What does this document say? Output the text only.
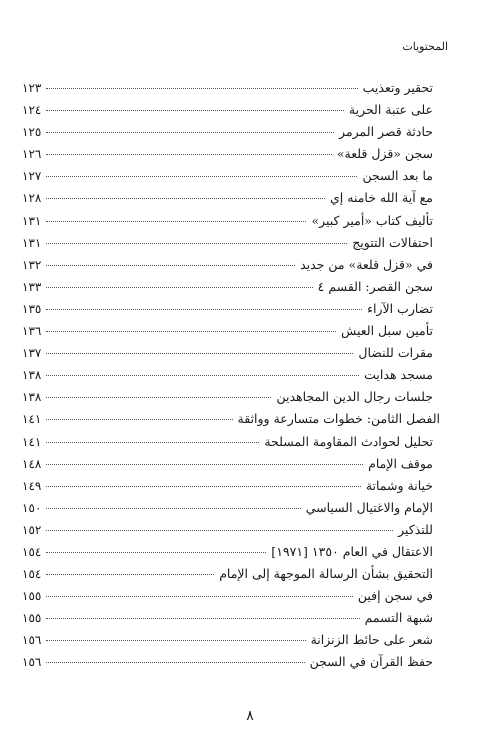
المحتويات
تحقير وتعذيب
١٢٣
على عتبة الحرية
١٢٤
حادثة قصر المرمر
١٢٥
سجن «قزل قلعة»
١٢٦
ما بعد السجن
١٢٧
مع آية الله خامنه إي
١٢٨
تأليف كتاب «أمير كبير»
١٣١
احتفالات التتويج
١٣١
في «قزل قلعة» من جديد
١٣٢
سجن القصر: القسم ٤
١٣٣
تضارب الآراء
١٣٥
تأمين سبل العيش
١٣٦
مقرات للنضال
١٣٧
مسجد هدايت
١٣٨
جلسات رجال الدين المجاهدين
١٣٨
الفصل الثامن: خطوات متسارعة وواثقة
١٤١
تحليل لحوادث المقاومة المسلحة
١٤١
موقف الإمام
١٤٨
خيانة وشماتة
١٤٩
الإمام والاغتيال السياسي
١٥٠
للتذكير
١٥٢
الاعتقال في العام ١٣٥٠ [١٩٧١]
١٥٤
التحقيق بشأن الرسالة الموجهة إلى الإمام
١٥٤
في سجن إفين
١٥٥
شبهة التسمم
١٥٥
شعر على حائط الزنزانة
١٥٦
حفظ القرآن في السجن
١٥٦
٨
